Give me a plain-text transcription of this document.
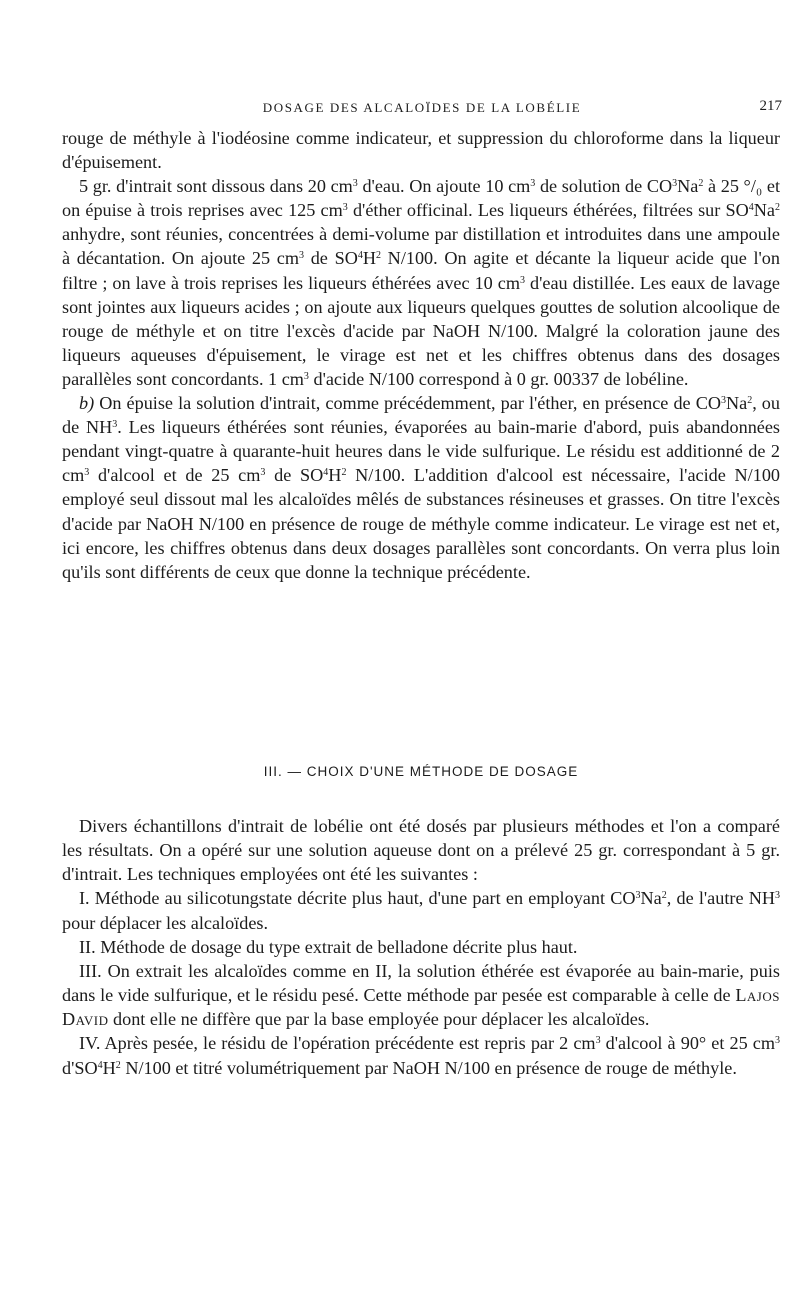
DOSAGE DES ALCALOÏDES DE LA LOBÉLIE	217

rouge de méthyle à l'iodéosine comme indicateur, et suppression du chloroforme dans la liqueur d'épuisement.

5 gr. d'intrait sont dissous dans 20 $cm^3$ d'eau. On ajoute 10 $cm^3$ de solution de $CO^3Na^2$ à 25 °/₀ et on épuise à trois reprises avec 125 $cm^3$ d'éther officinal. Les liqueurs éthérées, filtrées sur $SO^4Na^2$ anhydre, sont réunies, concentrées à demi-volume par distillation et introduites dans une ampoule à décantation. On ajoute 25 $cm^3$ de $SO^4H^2$ N/100. On agite et décante la liqueur acide que l'on filtre ; on lave à trois reprises les liqueurs éthérées avec 10 $cm^3$ d'eau distillée. Les eaux de lavage sont jointes aux liqueurs acides ; on ajoute aux liqueurs quelques gouttes de solution alcoolique de rouge de méthyle et on titre l'excès d'acide par NaOH N/100. Malgré la coloration jaune des liqueurs aqueuses d'épuisement, le virage est net et les chiffres obtenus dans des dosages parallèles sont concordants. 1 $cm^3$ d'acide N/100 correspond à 0 gr. 00337 de lobéline.

b) On épuise la solution d'intrait, comme précédemment, par l'éther, en présence de $CO^3Na^2$, ou de $NH^3$. Les liqueurs éthérées sont réunies, évaporées au bain-marie d'abord, puis abandonnées pendant vingt-quatre à quarante-huit heures dans le vide sulfurique. Le résidu est additionné de 2 $cm^3$ d'alcool et de 25 $cm^3$ de $SO^4H^2$ N/100. L'addition d'alcool est nécessaire, l'acide N/100 employé seul dissout mal les alcaloïdes mêlés de substances résineuses et grasses. On titre l'excès d'acide par NaOH N/100 en présence de rouge de méthyle comme indicateur. Le virage est net et, ici encore, les chiffres obtenus dans deux dosages parallèles sont concordants. On verra plus loin qu'ils sont différents de ceux que donne la technique précédente.

III. — CHOIX D'UNE MÉTHODE DE DOSAGE

Divers échantillons d'intrait de lobélie ont été dosés par plusieurs méthodes et l'on a comparé les résultats. On a opéré sur une solution aqueuse dont on a prélevé 25 gr. correspondant à 5 gr. d'intrait. Les techniques employées ont été les suivantes :

I. Méthode au silicotungstate décrite plus haut, d'une part en employant $CO^3Na^2$, de l'autre $NH^3$ pour déplacer les alcaloïdes.

II. Méthode de dosage du type extrait de belladone décrite plus haut.

III. On extrait les alcaloïdes comme en II, la solution éthérée est évaporée au bain-marie, puis dans le vide sulfurique, et le résidu pesé. Cette méthode par pesée est comparable à celle de Lajos David dont elle ne diffère que par la base employée pour déplacer les alcaloïdes.

IV. Après pesée, le résidu de l'opération précédente est repris par 2 $cm^3$ d'alcool à 90° et 25 $cm^3$ $d'SO^4H^2$ N/100 et titré volumétriquement par NaOH N/100 en présence de rouge de méthyle.
